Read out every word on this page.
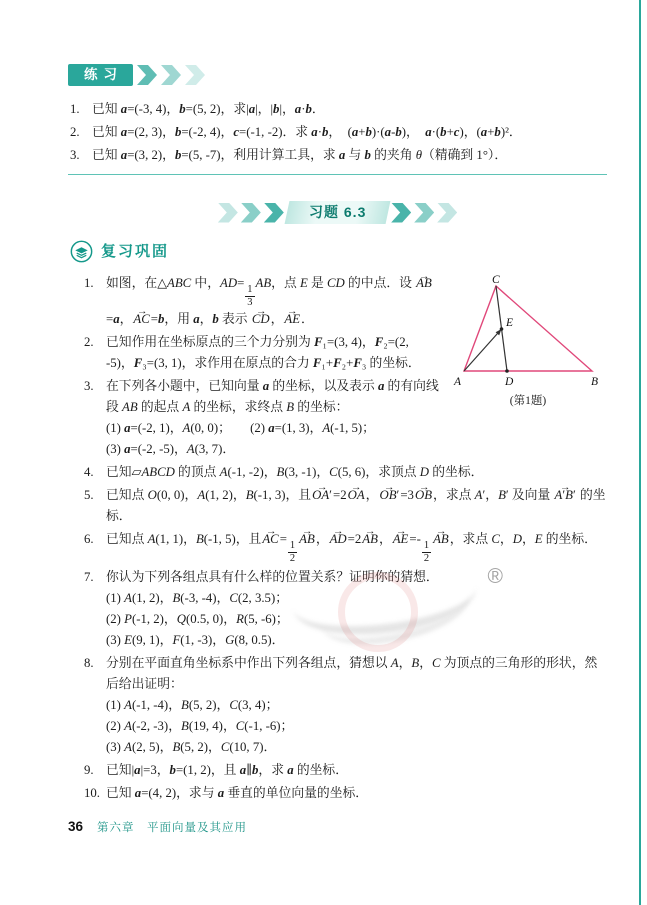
练习
1. 已知 a=(-3, 4)，b=(5, 2)，求|a|，|b|，a·b．
2. 已知 a=(2, 3)，b=(-2, 4)，c=(-1, -2)．求 a·b，　(a+b)·(a-b)，　a·(b+c)，(a+b)²．
3. 已知 a=(3, 2)，b=(5, -7)，利用计算工具，求 a 与 b 的夹角 θ（精确到 1°）．
习题 6.3
复习巩固
C
A	B
D
E
(第1题)
1. 如图，在△ABC 中，AD=
$\frac{1}{3}$
AB，点 E 是 CD 的中点．设 AB →=a，AC →=b，用 a，b 表示 CD →，AE →．
2. 已知作用在坐标原点的三个力分别为 F₁=(3, 4)，F₂=(2, -5)，F₃=(3, 1)，求作用在原点的合力 F₁+F₂+F₃ 的坐标．
3. 在下列各小题中，已知向量 a 的坐标，以及表示 a 的有向线段 AB 的起点 A 的坐标，求终点 B 的坐标：
(1) a=(-2, 1)，A(0, 0)；　　(2) a=(1, 3)，A(-1, 5)；
(3) a=(-2, -5)，A(3, 7)．
4. 已知▱ABCD 的顶点 A(-1, -2)，B(3, -1)，C(5, 6)，求顶点 D 的坐标．
5. 已知点 O(0, 0)，A(1, 2)，B(-1, 3)，且OA′ →=2OA →，OB′ →=3OB →，求点 A′，B′ 及向量 A′B′ → 的坐标．
6. 已知点 A(1, 1)，B(-1, 5)，且AC →=
$\frac{1}{2}$
AB →，AD →=2AB →，AE →=-
$\frac{1}{2}$
AB →，求点 C，D，E 的坐标．
7. 你认为下列各组点具有什么样的位置关系？证明你的猜想．
(1) A(1, 2)，B(-3, -4)，C(2, 3.5)；
(2) P(-1, 2)，Q(0.5, 0)，R(5, -6)；
(3) E(9, 1)，F(1, -3)，G(8, 0.5)．
8. 分别在平面直角坐标系中作出下列各组点，猜想以 A，B，C 为顶点的三角形的形状，然后给出证明：
(1) A(-1, -4)，B(5, 2)，C(3, 4)；
(2) A(-2, -3)，B(19, 4)，C(-1, -6)；
(3) A(2, 5)，B(5, 2)，C(10, 7)．
9. 已知|a|=3，b=(1, 2)，且 a∥b，求 a 的坐标．
10. 已知 a=(4, 2)，求与 a 垂直的单位向量的坐标．
®
36 第六章　平面向量及其应用
